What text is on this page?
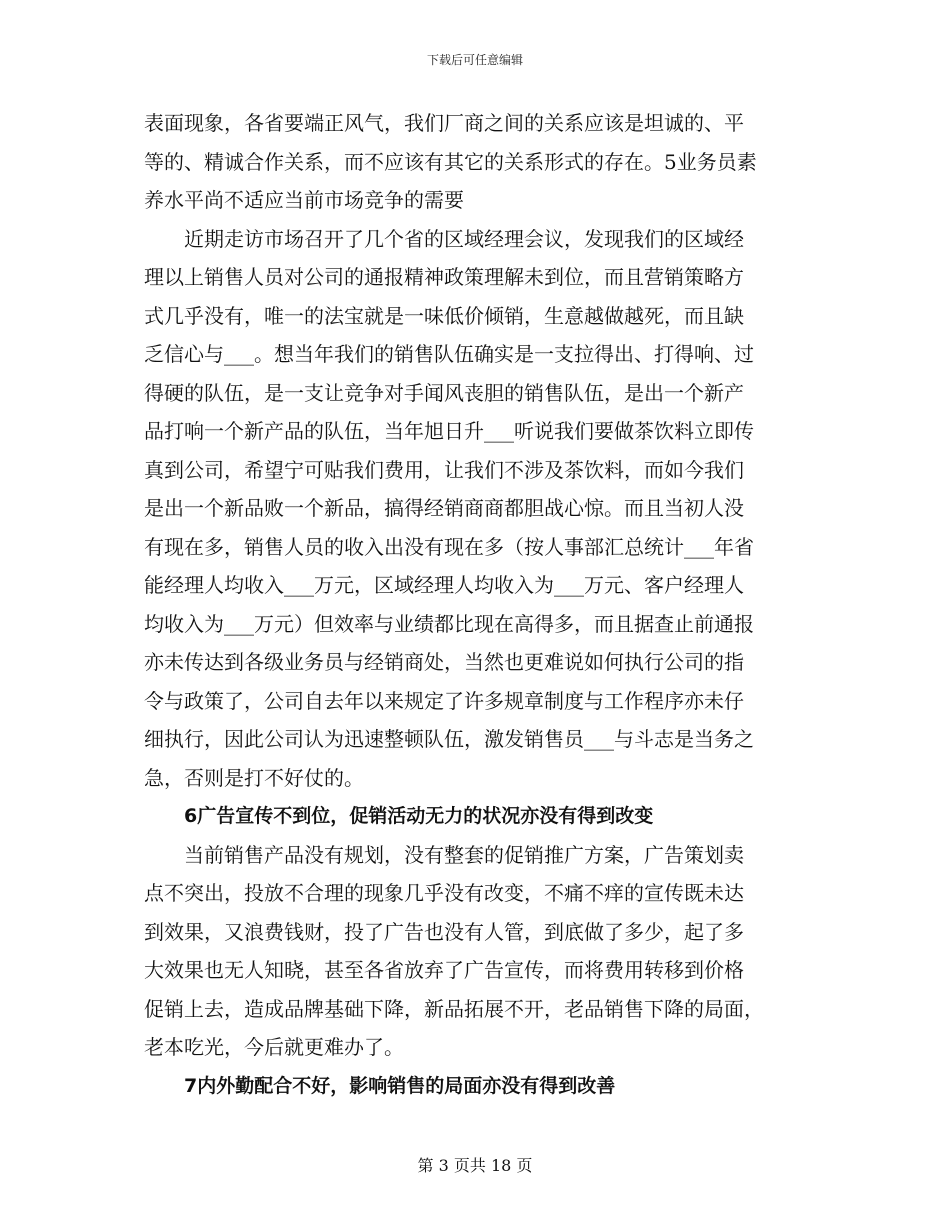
下载后可任意编辑
表面现象，各省要端正风气，我们厂商之间的关系应该是坦诚的、平
等的、精诚合作关系，而不应该有其它的关系形式的存在。5业务员素
养水平尚不适应当前市场竞争的需要
近期走访市场召开了几个省的区域经理会议，发现我们的区域经
理以上销售人员对公司的通报精神政策理解未到位，而且营销策略方
式几乎没有，唯一的法宝就是一味低价倾销，生意越做越死，而且缺
乏信心与___。想当年我们的销售队伍确实是一支拉得出、打得响、过
得硬的队伍，是一支让竞争对手闻风丧胆的销售队伍，是出一个新产
品打响一个新产品的队伍，当年旭日升___听说我们要做茶饮料立即传
真到公司，希望宁可贴我们费用，让我们不涉及茶饮料，而如今我们
是出一个新品败一个新品，搞得经销商商都胆战心惊。而且当初人没
有现在多，销售人员的收入出没有现在多（按人事部汇总统计___年省
能经理人均收入___万元，区域经理人均收入为___万元、客户经理人
均收入为___万元）但效率与业绩都比现在高得多，而且据查止前通报
亦未传达到各级业务员与经销商处，当然也更难说如何执行公司的指
令与政策了，公司自去年以来规定了许多规章制度与工作程序亦未仔
细执行，因此公司认为迅速整顿队伍，激发销售员___与斗志是当务之
急，否则是打不好仗的。
6广告宣传不到位，促销活动无力的状况亦没有得到改变
当前销售产品没有规划，没有整套的促销推广方案，广告策划卖
点不突出，投放不合理的现象几乎没有改变，不痛不痒的宣传既未达
到效果，又浪费钱财，投了广告也没有人管，到底做了多少，起了多
大效果也无人知晓，甚至各省放弃了广告宣传，而将费用转移到价格
促销上去，造成品牌基础下降，新品拓展不开，老品销售下降的局面，
老本吃光，今后就更难办了。
7内外勤配合不好，影响销售的局面亦没有得到改善
第 3 页共 18 页
